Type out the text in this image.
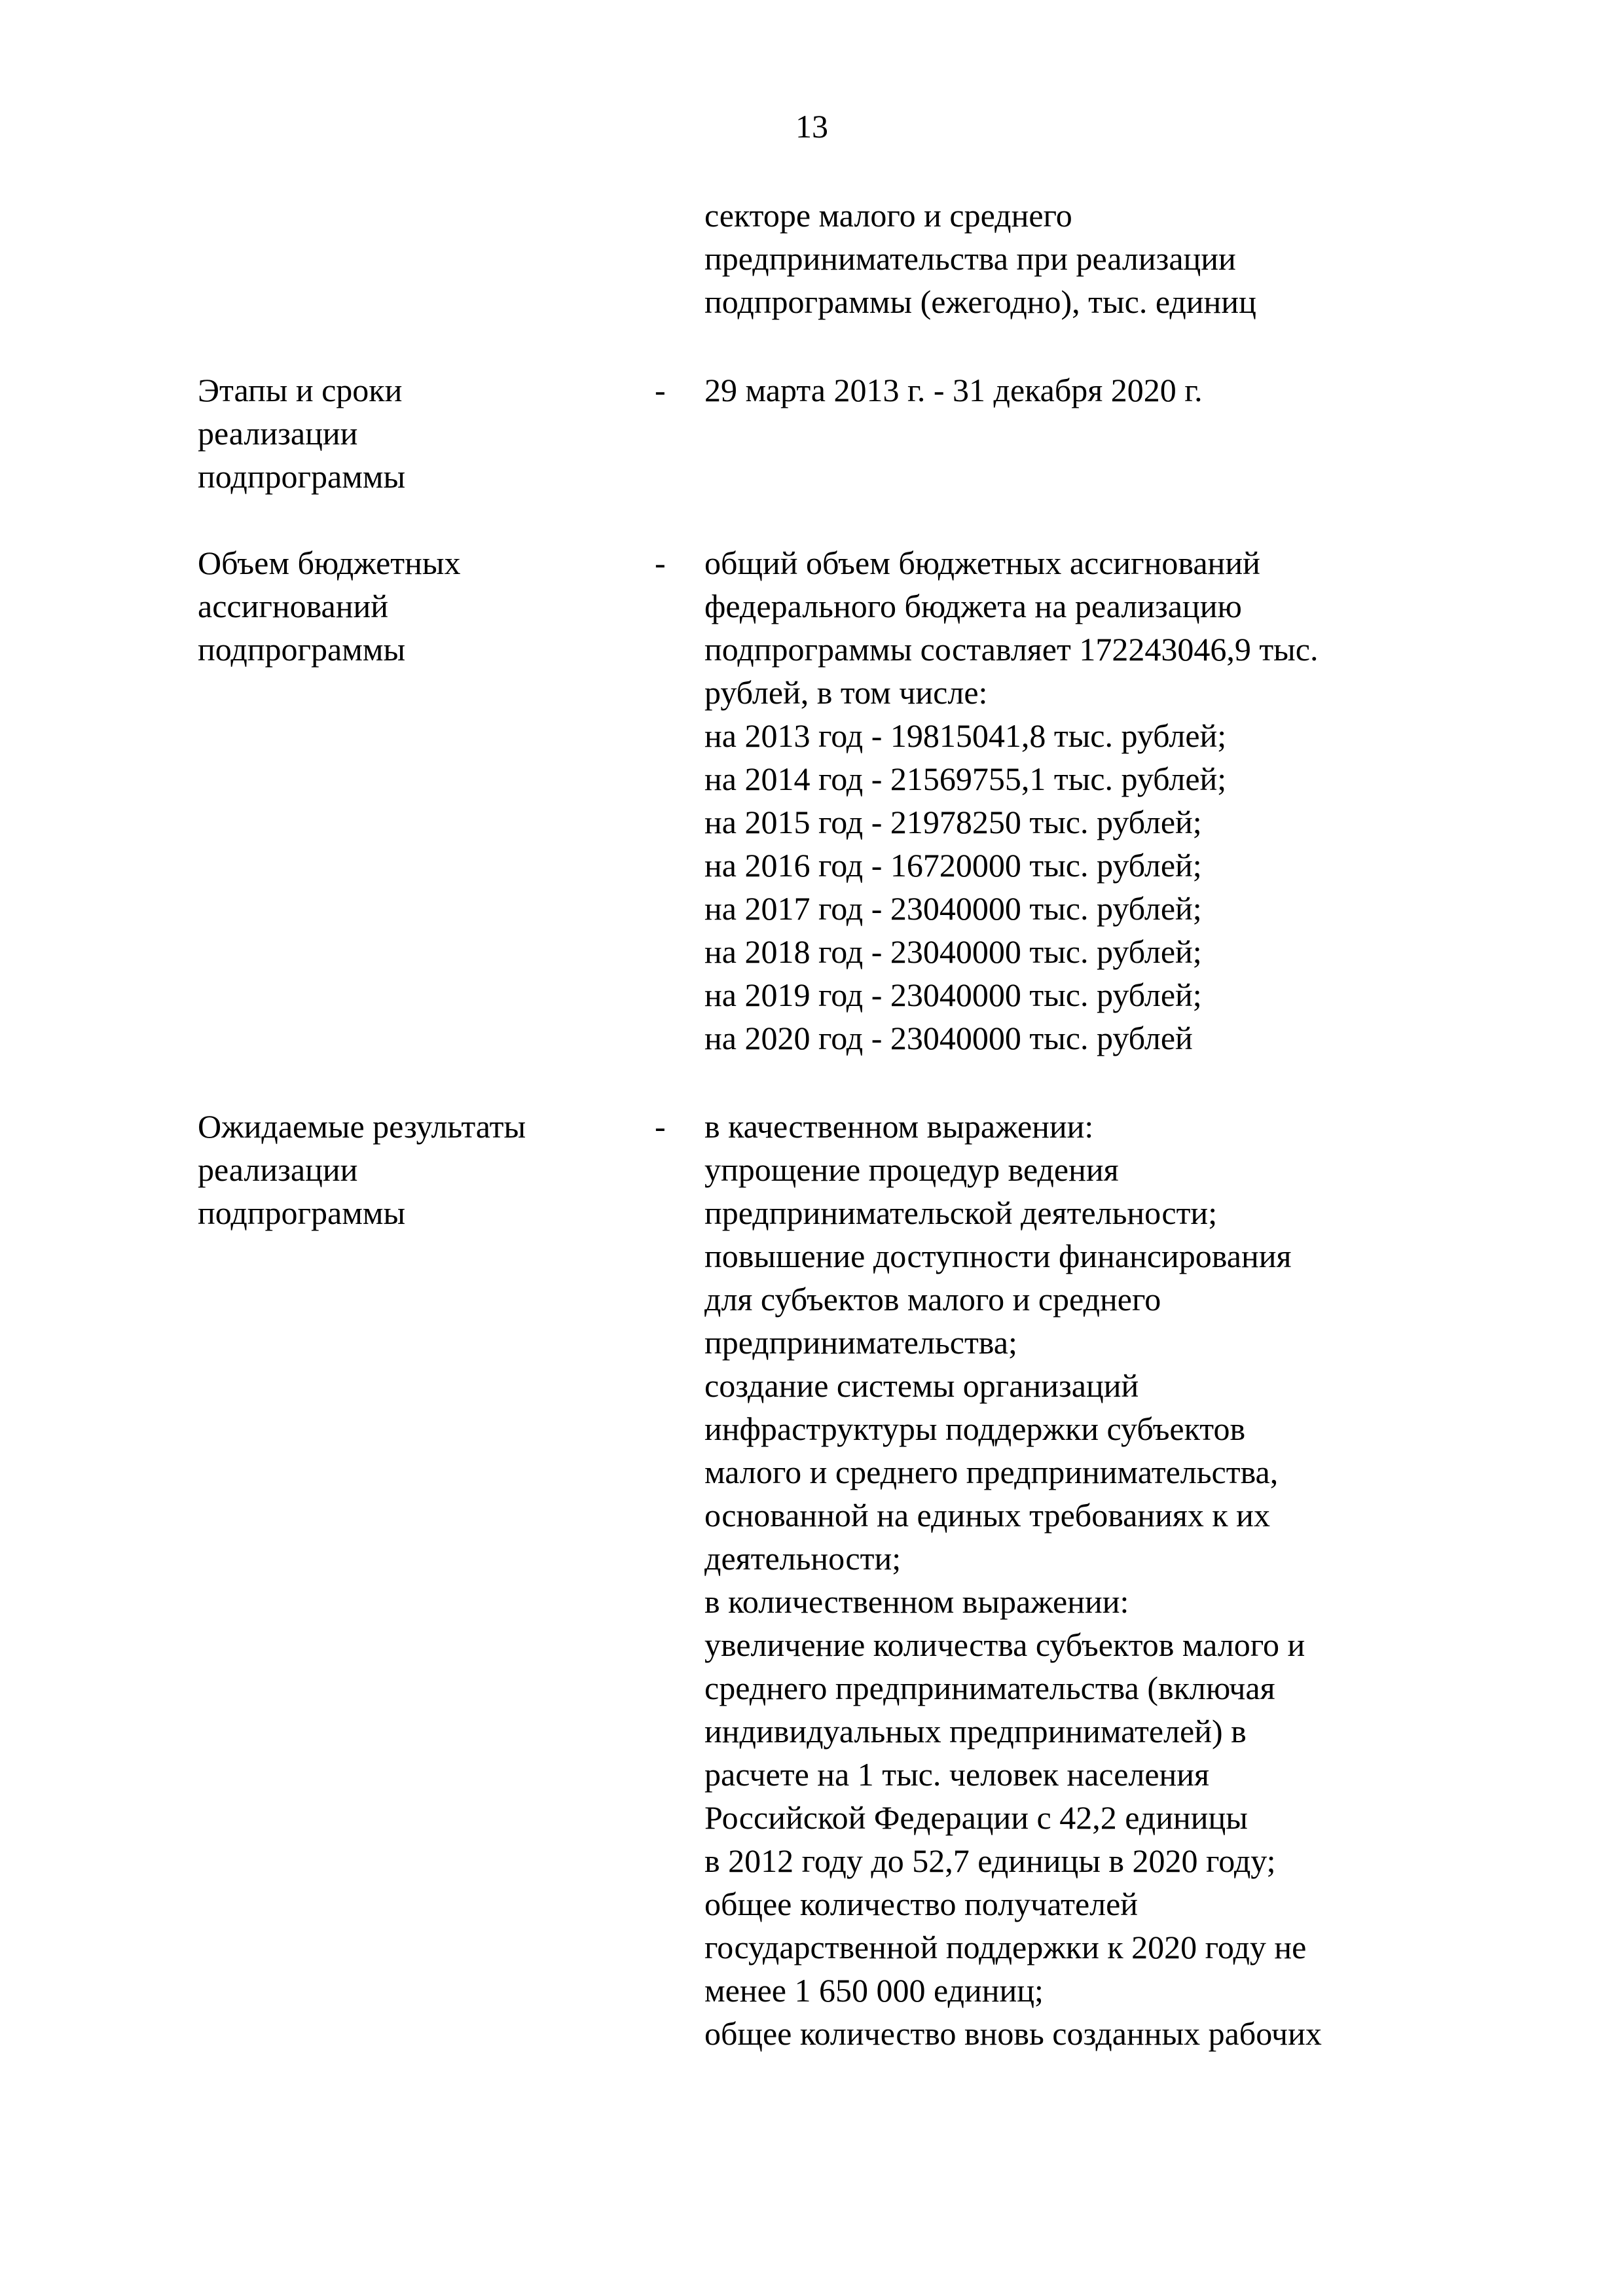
13
секторе малого и среднего
предпринимательства при реализации
подпрограммы (ежегодно), тыс. единиц
Этапы и сроки
реализации
подпрограммы
- 29 марта 2013 г. - 31 декабря 2020 г.
Объем бюджетных
ассигнований
подпрограммы
- общий объем бюджетных ассигнований
федерального бюджета на реализацию
подпрограммы составляет 172243046,9 тыс.
рублей, в том числе:
на 2013 год - 19815041,8 тыс. рублей;
на 2014 год - 21569755,1 тыс. рублей;
на 2015 год - 21978250 тыс. рублей;
на 2016 год - 16720000 тыс. рублей;
на 2017 год - 23040000 тыс. рублей;
на 2018 год - 23040000 тыс. рублей;
на 2019 год - 23040000 тыс. рублей;
на 2020 год - 23040000 тыс. рублей
Ожидаемые результаты
реализации
подпрограммы
- в качественном выражении:
упрощение процедур ведения
предпринимательской деятельности;
повышение доступности финансирования
для субъектов малого и среднего
предпринимательства;
создание системы организаций
инфраструктуры поддержки субъектов
малого и среднего предпринимательства,
основанной на единых требованиях к их
деятельности;
в количественном выражении:
увеличение количества субъектов малого и
среднего предпринимательства (включая
индивидуальных предпринимателей) в
расчете на 1 тыс. человек населения
Российской Федерации с 42,2 единицы
в 2012 году до 52,7 единицы в 2020 году;
общее количество получателей
государственной поддержки к 2020 году не
менее 1 650 000 единиц;
общее количество вновь созданных рабочих
